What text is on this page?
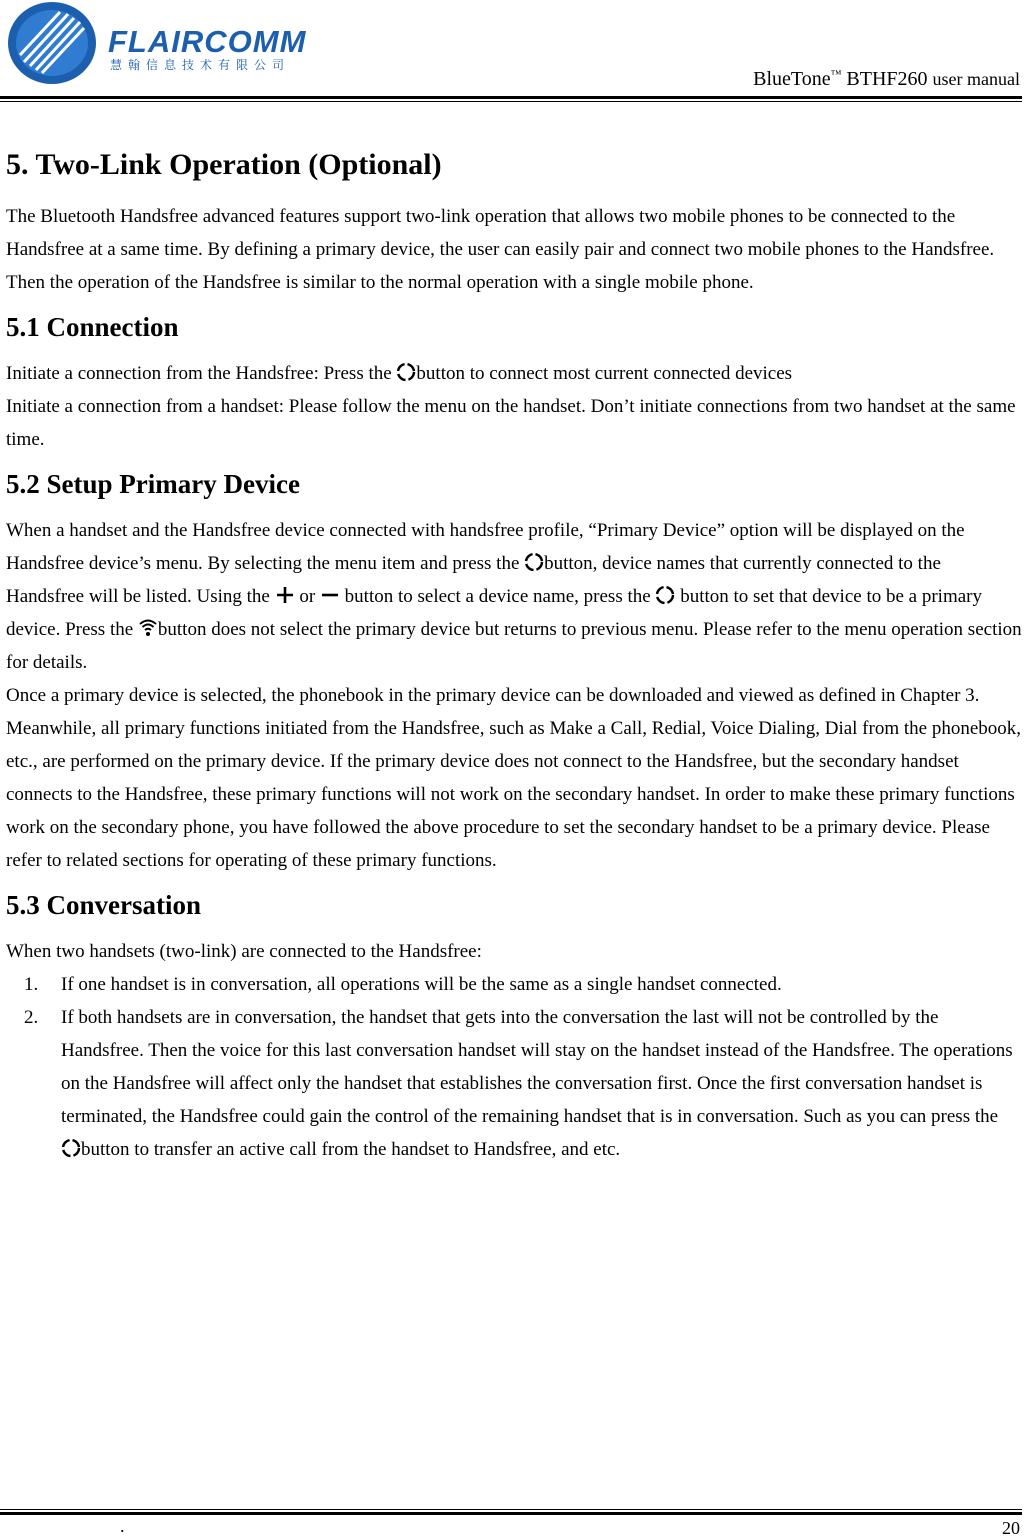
FLAIRCOMM
慧翰信息技术有限公司
BlueTone™ BTHF260 user manual
5. Two-Link Operation (Optional)

The Bluetooth Handsfree advanced features support two-link operation that allows two mobile phones to be connected to the Handsfree at a same time. By defining a primary device, the user can easily pair and connect two mobile phones to the Handsfree. Then the operation of the Handsfree is similar to the normal operation with a single mobile phone.

5.1 Connection

Initiate a connection from the Handsfree: Press the button to connect most current connected devices

Initiate a connection from a handset: Please follow the menu on the handset. Don’t initiate connections from two handset at the same time.

5.2 Setup Primary Device

When a handset and the Handsfree device connected with handsfree profile, “Primary Device” option will be displayed on the Handsfree device’s menu. By selecting the menu item and press the button, device names that currently connected to the Handsfree will be listed. Using the  or  button to select a device name, press the  button to set that device to be a primary device. Press the button does not select the primary device but returns to previous menu. Please refer to the menu operation section for details.

Once a primary device is selected, the phonebook in the primary device can be downloaded and viewed as defined in Chapter 3. Meanwhile, all primary functions initiated from the Handsfree, such as Make a Call, Redial, Voice Dialing, Dial from the phonebook, etc., are performed on the primary device. If the primary device does not connect to the Handsfree, but the secondary handset connects to the Handsfree, these primary functions will not work on the secondary handset. In order to make these primary functions work on the secondary phone, you have followed the above procedure to set the secondary handset to be a primary device. Please refer to related sections for operating of these primary functions.

5.3 Conversation

When two handsets (two-link) are connected to the Handsfree:

1. If one handset is in conversation, all operations will be the same as a single handset connected.
2. If both handsets are in conversation, the handset that gets into the conversation the last will not be controlled by the Handsfree. Then the voice for this last conversation handset will stay on the handset instead of the Handsfree. The operations on the Handsfree will affect only the handset that establishes the conversation first. Once the first conversation handset is terminated, the Handsfree could gain the control of the remaining handset that is in conversation. Such as you can press the button to transfer an active call from the handset to Handsfree, and etc.
.	20
